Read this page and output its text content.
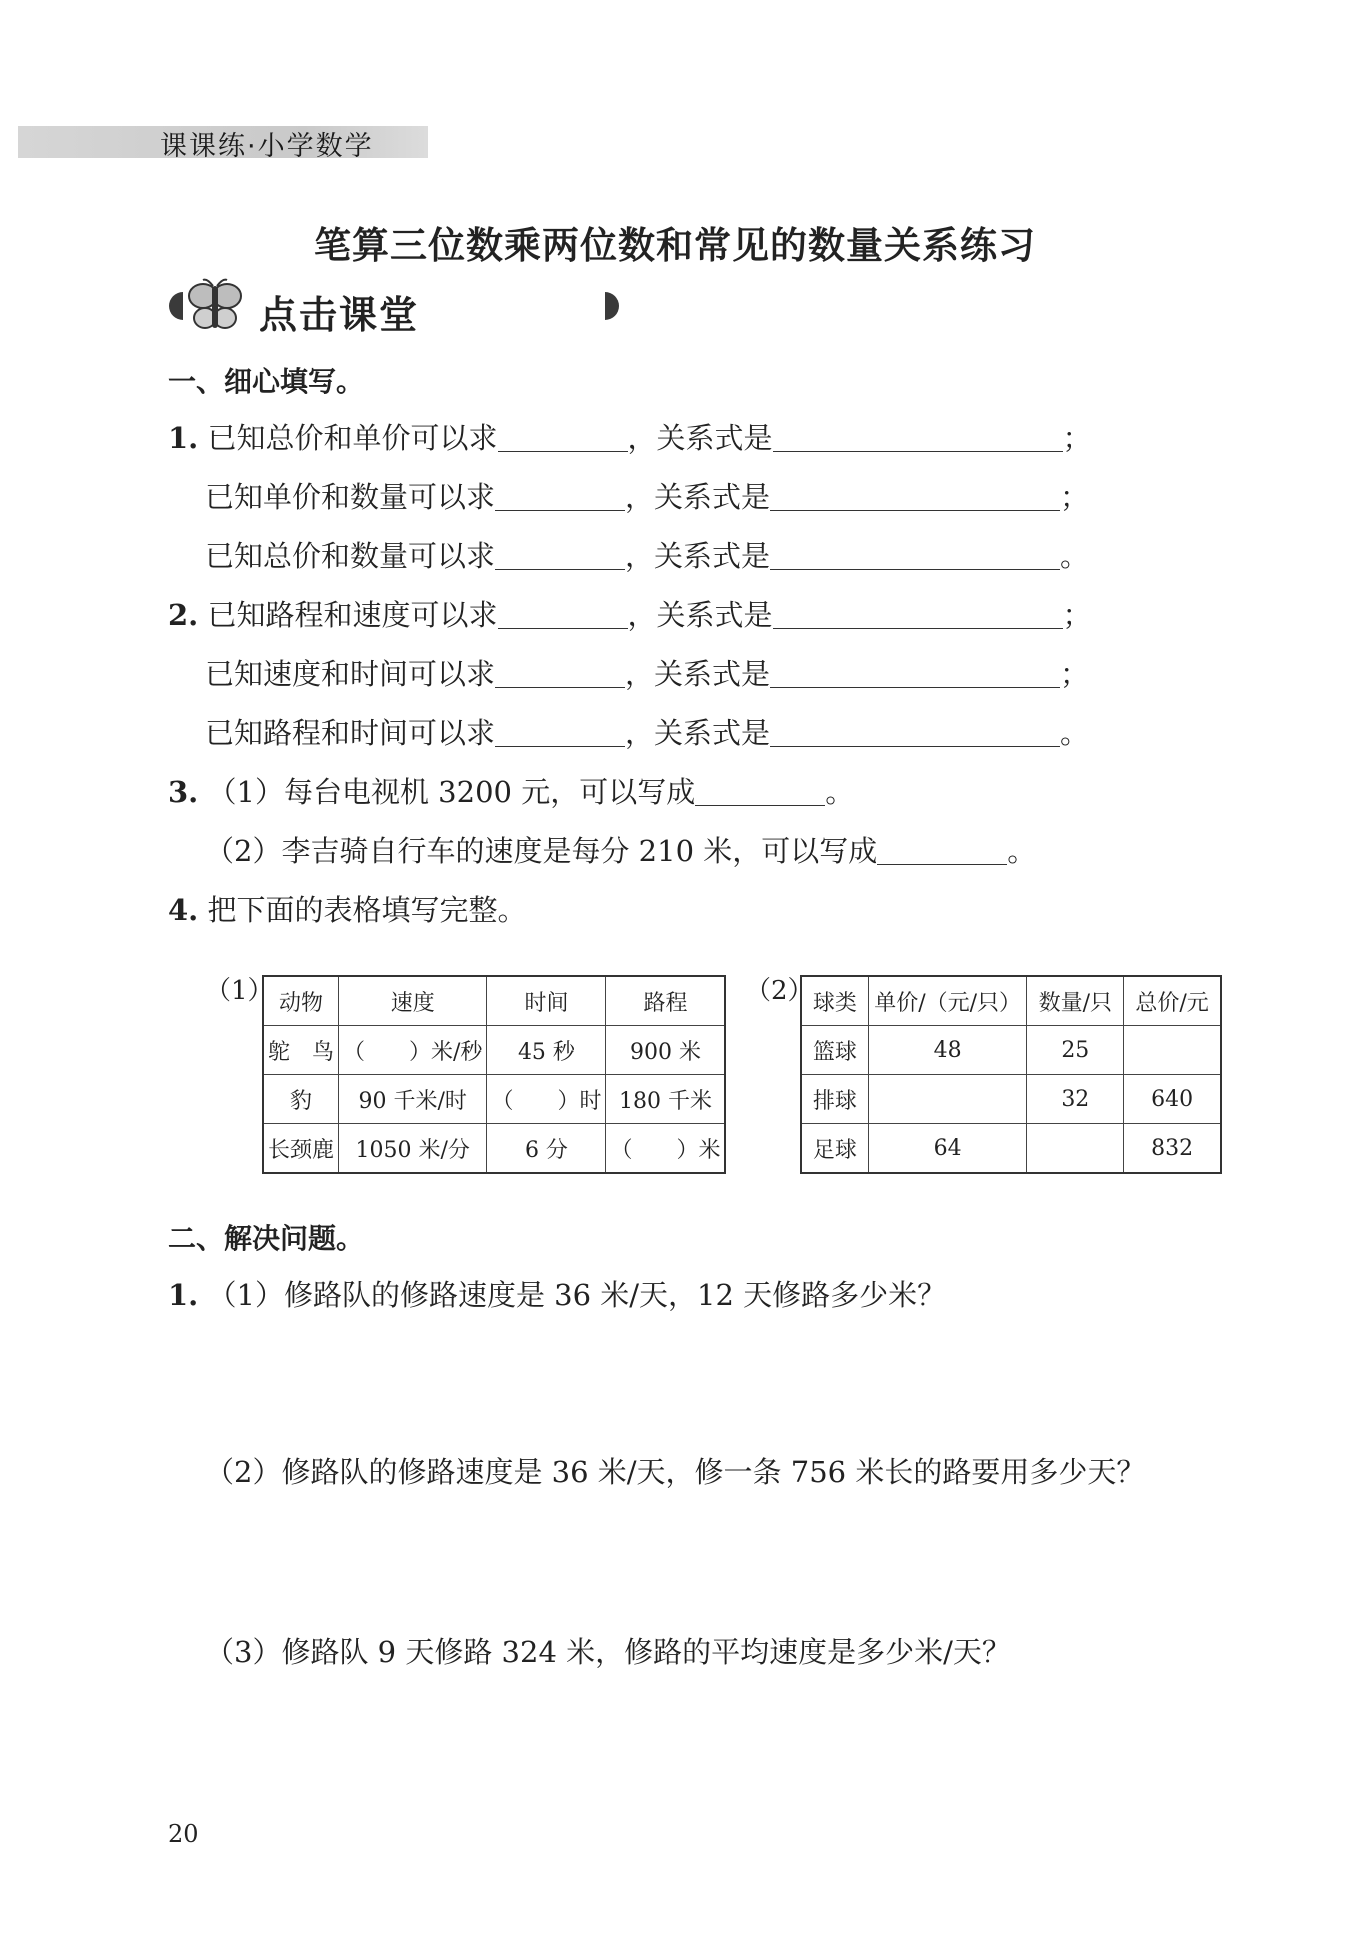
课课练·小学数学
笔算三位数乘两位数和常见的数量关系练习
点击课堂
一、细心填写。
1. 已知总价和单价可以求	，关系式是	；
已知单价和数量可以求	，关系式是	；
已知总价和数量可以求	，关系式是	。
2. 已知路程和速度可以求	，关系式是	；
已知速度和时间可以求	，关系式是	；
已知路程和时间可以求	，关系式是	。
3. （1）每台电视机 3200 元，可以写成	。
（2）李吉骑自行车的速度是每分 210 米，可以写成	。
4. 把下面的表格填写完整。
（1） 动物	速度	时间	路程
鸵　鸟	（　　）米/秒	45 秒	900 米
豹	90 千米/时	（　　）时	180 千米
长颈鹿	1050 米/分	6 分	（　　）米
（2） 球类	单价/（元/只）	数量/只	总价/元
篮球	48	25	
排球		32	640
足球	64		832
二、解决问题。
1. （1）修路队的修路速度是 36 米/天，12 天修路多少米？
（2）修路队的修路速度是 36 米/天，修一条 756 米长的路要用多少天？
（3）修路队 9 天修路 324 米，修路的平均速度是多少米/天？
20
